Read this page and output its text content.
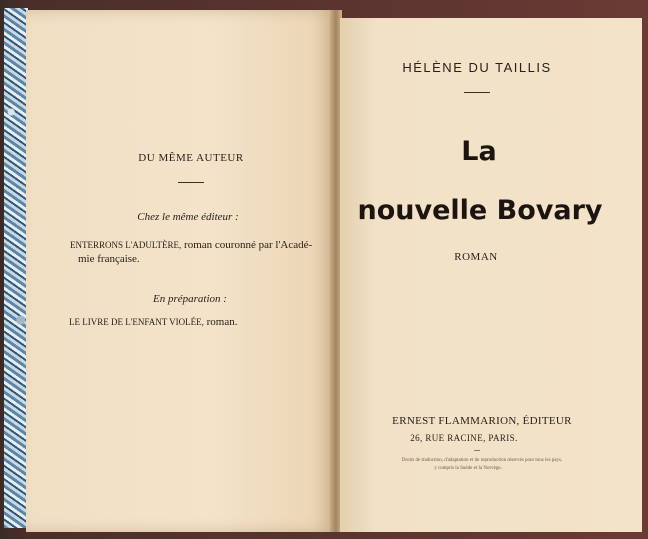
DU MÊME AUTEUR
Chez le même éditeur :
ENTERRONS L'ADULTÈRE, roman couronné par l'Acadé-
mie française.
En préparation :
LE LIVRE DE L'ENFANT VIOLÉE, roman.
HÉLÈNE DU TAILLIS
La
nouvelle Bovary
ROMAN
ERNEST FLAMMARION, ÉDITEUR
26, RUE RACINE, PARIS.
Droits de traduction, d'adaptation et de reproduction réservés pour tous les pays,
y compris la Suède et la Norvège.
